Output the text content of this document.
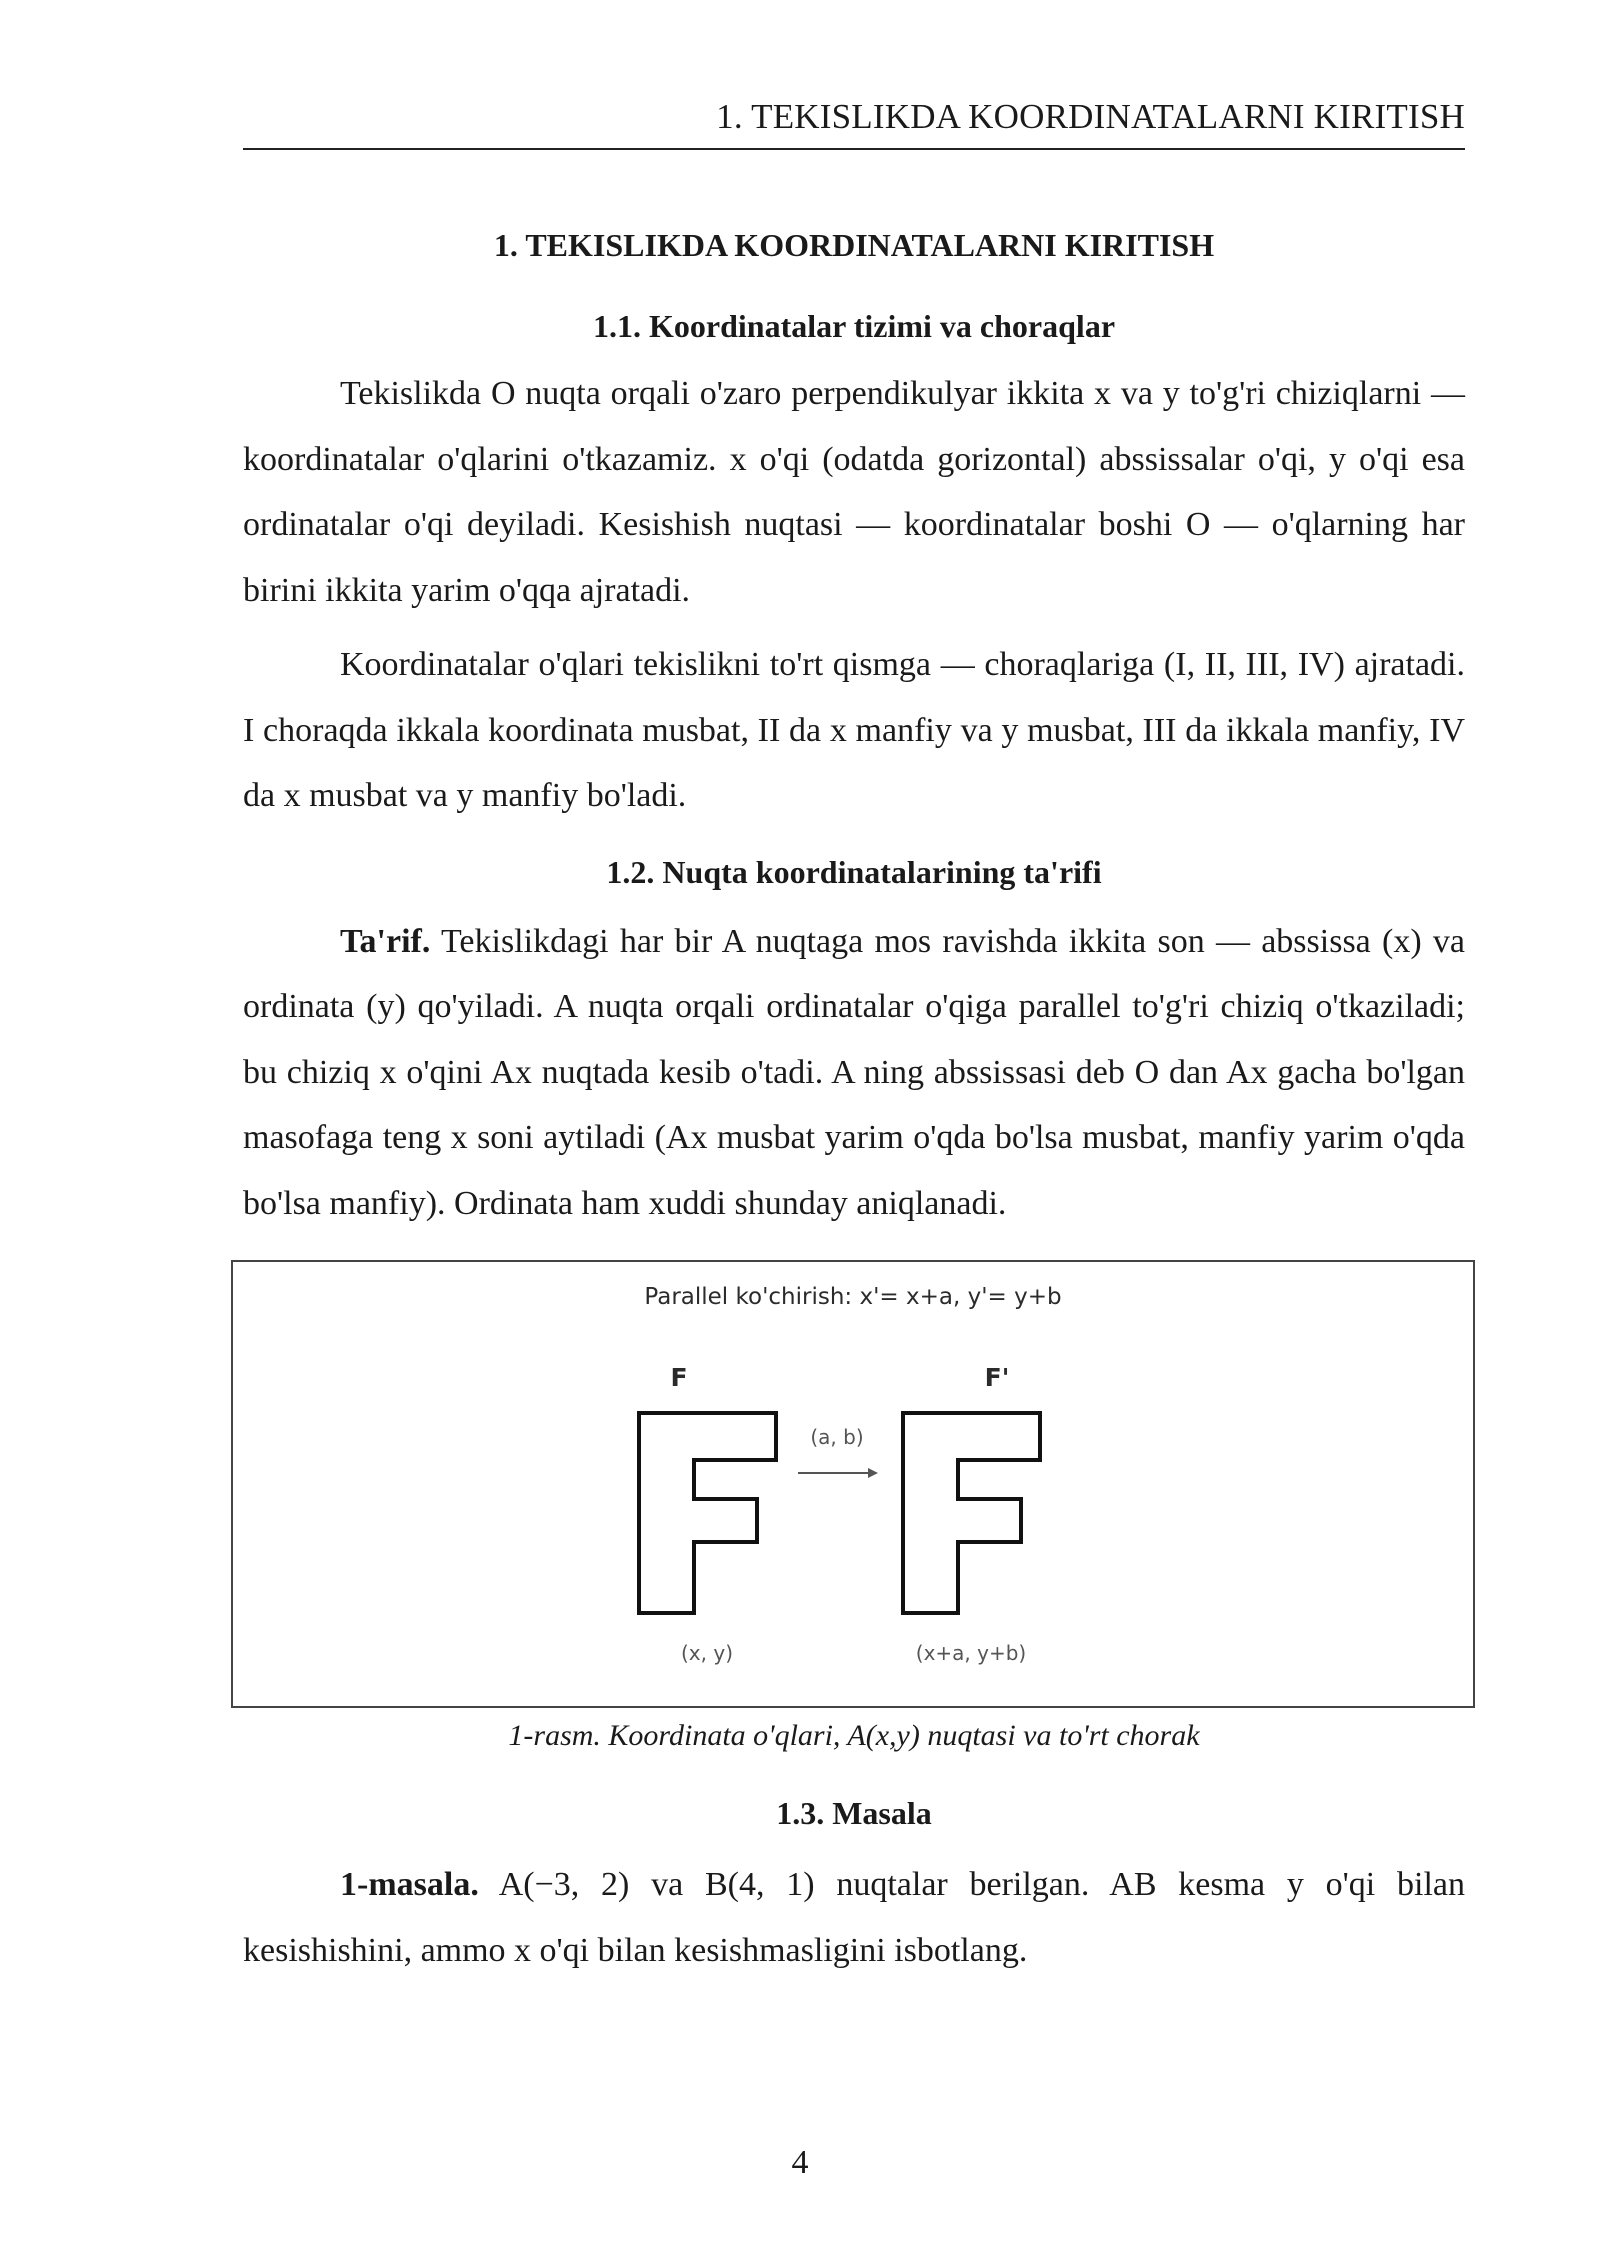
1. TEKISLIKDA KOORDINATALARNI KIRITISH
1. TEKISLIKDA KOORDINATALARNI KIRITISH
1.1. Koordinatalar tizimi va choraqlar

Tekislikda O nuqta orqali o'zaro perpendikulyar ikkita x va y to'g'ri chiziqlarni — koordinatalar o'qlarini o'tkazamiz. x o'qi (odatda gorizontal) abssissalar o'qi, y o'qi esa ordinatalar o'qi deyiladi. Kesishish nuqtasi — koordinatalar boshi O — o'qlarning har birini ikkita yarim o'qqa ajratadi.

Koordinatalar o'qlari tekislikni to'rt qismga — choraqlariga (I, II, III, IV) ajratadi. I choraqda ikkala koordinata musbat, II da x manfiy va y musbat, III da ikkala manfiy, IV da x musbat va y manfiy bo'ladi.

1.2. Nuqta koordinatalarining ta'rifi

Ta'rif. Tekislikdagi har bir A nuqtaga mos ravishda ikkita son — abssissa (x) va ordinata (y) qo'yiladi. A nuqta orqali ordinatalar o'qiga parallel to'g'ri chiziq o'tkaziladi; bu chiziq x o'qini Ax nuqtada kesib o'tadi. A ning abssissasi deb O dan Ax gacha bo'lgan masofaga teng x soni aytiladi (Ax musbat yarim o'qda bo'lsa musbat, manfiy yarim o'qda bo'lsa manfiy). Ordinata ham xuddi shunday aniqlanadi.

Parallel ko'chirish: x'= x+a, y'= y+b
F	F'
(a, b)
(x, y)	(x+a, y+b)
1-rasm. Koordinata o'qlari, A(x,y) nuqtasi va to'rt chorak
1.3. Masala

1-masala. A(−3, 2) va B(4, 1) nuqtalar berilgan. AB kesma y o'qi bilan kesishishini, ammo x o'qi bilan kesishmasligini isbotlang.

4
